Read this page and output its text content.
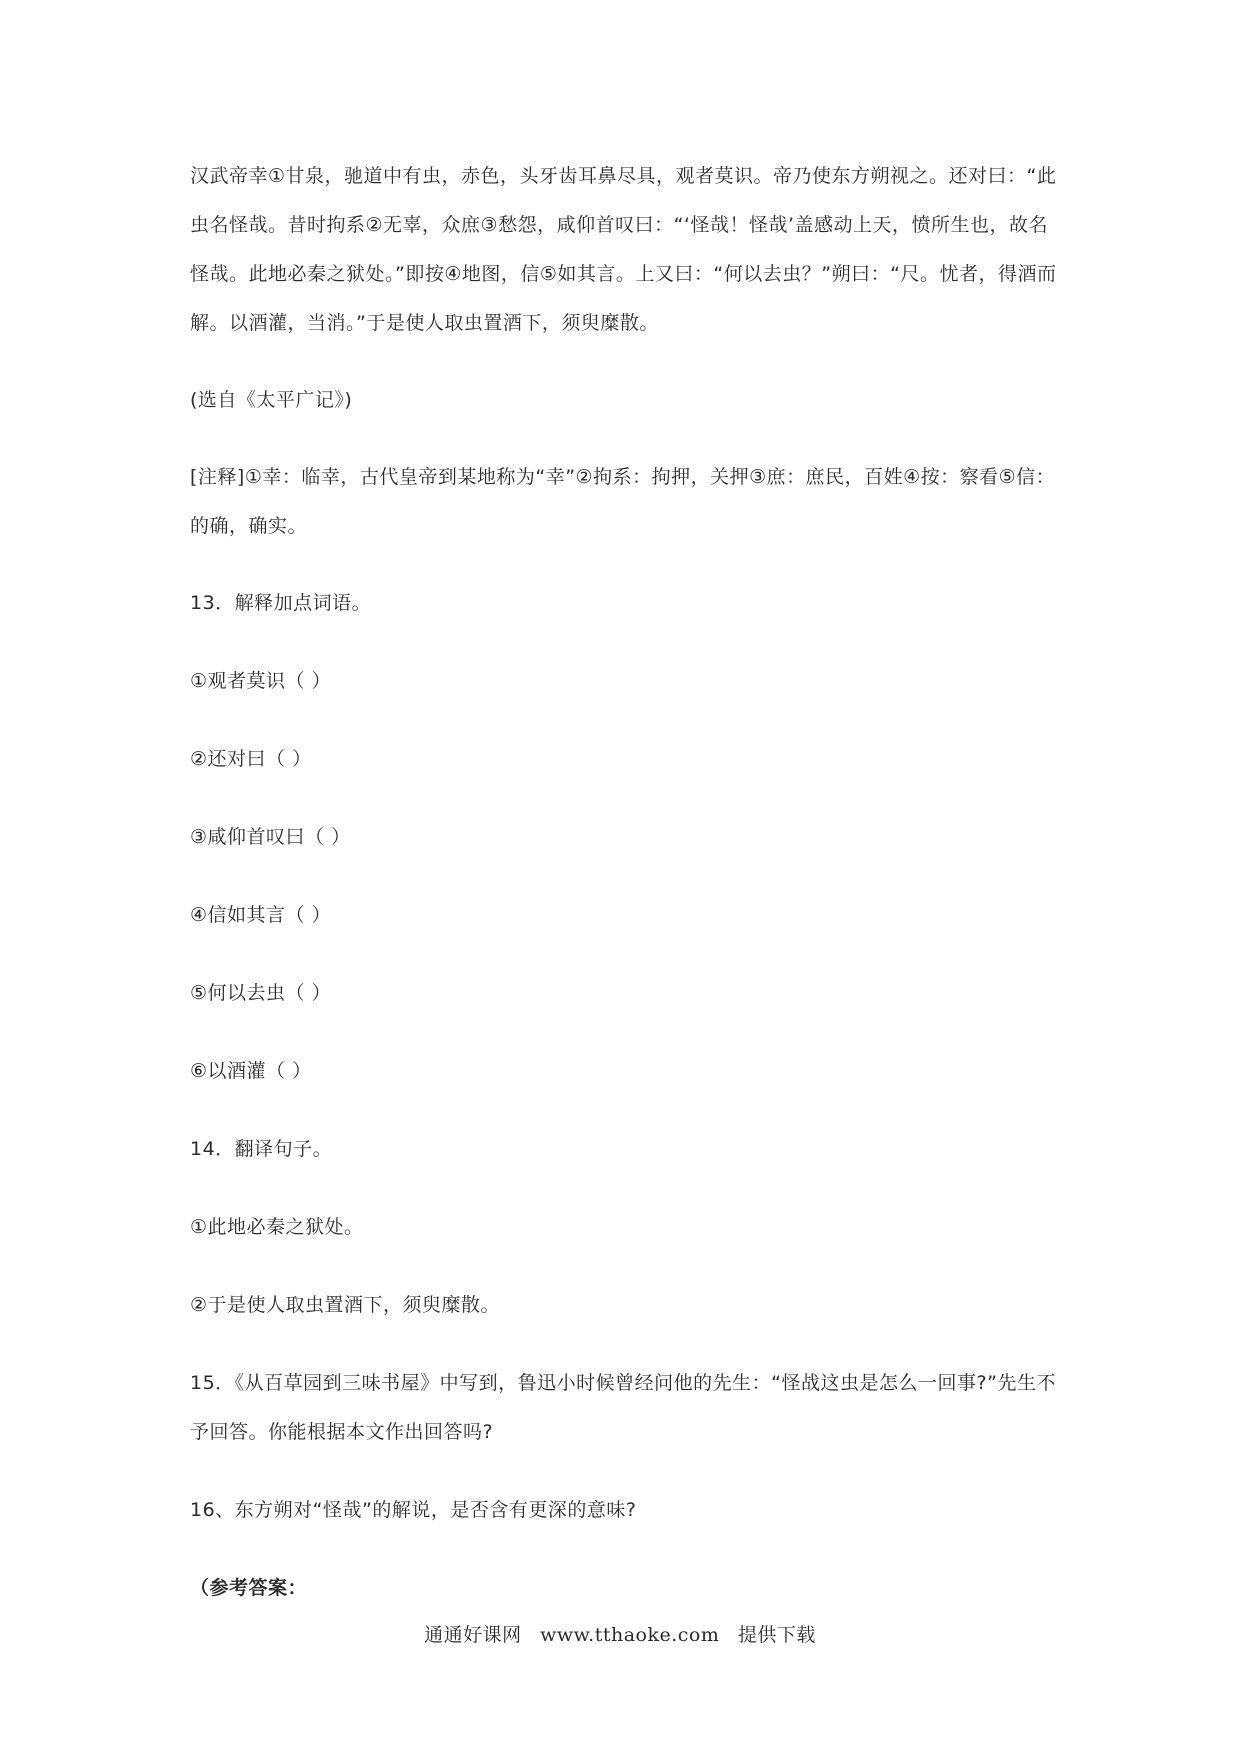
汉武帝幸①甘泉，驰道中有虫，赤色，头牙齿耳鼻尽具，观者莫识。帝乃使东方朔视之。还对曰：“此虫名怪哉。昔时拘系②无辜，众庶③愁怨，咸仰首叹曰：“‘怪哉！怪哉’盖感动上天，愤所生也，故名怪哉。此地必秦之狱处。”即按④地图，信⑤如其言。上又曰：“何以去虫？”朔曰：“尺。忧者，得酒而解。以酒灌，当消。”于是使人取虫置酒下，须臾糜散。

(选自《太平广记》)

[注释]①幸：临幸，古代皇帝到某地称为“幸”②拘系：拘押，关押③庶：庶民，百姓④按：察看⑤信：的确，确实。

13．解释加点词语。

①观者莫识（ ）

②还对曰（ ）

③咸仰首叹曰（ ）

④信如其言（ ）

⑤何以去虫（ ）

⑥以酒灌（ ）

14．翻译句子。

①此地必秦之狱处。

②于是使人取虫置酒下，须臾糜散。

15．《从百草园到三味书屋》中写到，鲁迅小时候曾经问他的先生：“怪战这虫是怎么一回事?”先生不予回答。你能根据本文作出回答吗?

16、东方朔对“怪哉”的解说，是否含有更深的意味?

（参考答案：

通通好课网 www.tthaoke.com 提供下载
